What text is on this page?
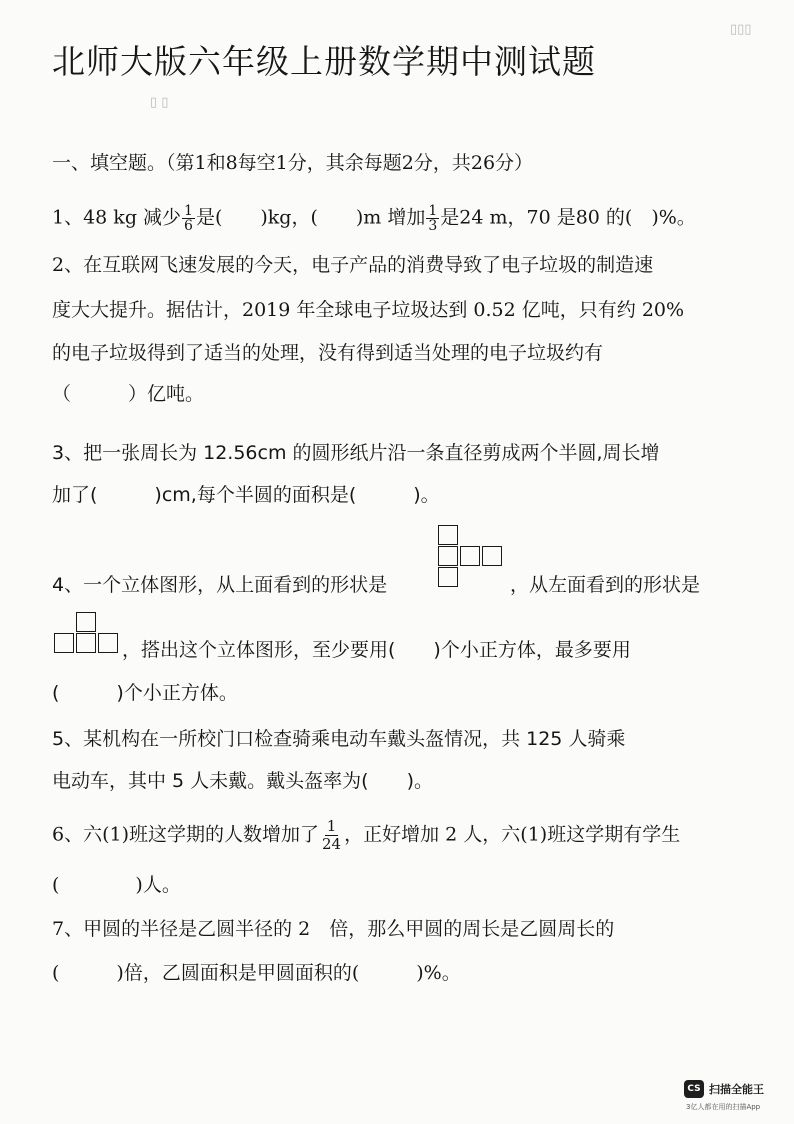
▯▯▯
▯ ▯
北师大版六年级上册数学期中测试题
一、填空题。（第1和8每空1分，其余每题2分，共26分）
1、48 kg 减少 $\frac{1}{6}$ 是(　　)kg，(　　)m 增加 $\frac{1}{3}$ 是24 m，70 是80 的(　)%。
2、在互联网飞速发展的今天，电子产品的消费导致了电子垃圾的制造速
度大大提升。据估计，2019 年全球电子垃圾达到 0.52 亿吨，只有约 20%
的电子垃圾得到了适当的处理，没有得到适当处理的电子垃圾约有
（　　　）亿吨。
3、把一张周长为 12.56cm 的圆形纸片沿一条直径剪成两个半圆,周长增
加了(　　　)cm,每个半圆的面积是(　　　)。
4、一个立体图形，从上面看到的形状是	，从左面看到的形状是
，搭出这个立体图形，至少要用(　　)个小正方体，最多要用
(　　　)个小正方体。
5、某机构在一所校门口检查骑乘电动车戴头盔情况，共 125 人骑乘
电动车，其中 5 人未戴。戴头盔率为(　　)。
6、六(1)班这学期的人数增加了 $\frac{1}{24}$ ，正好增加 2 人，六(1)班这学期有学生
(　　　　)人。
7、甲圆的半径是乙圆半径的 2　倍，那么甲圆的周长是乙圆周长的
(　　　)倍，乙圆面积是甲圆面积的(　　　)%。
CS 扫描全能王
3亿人都在用的扫描App
